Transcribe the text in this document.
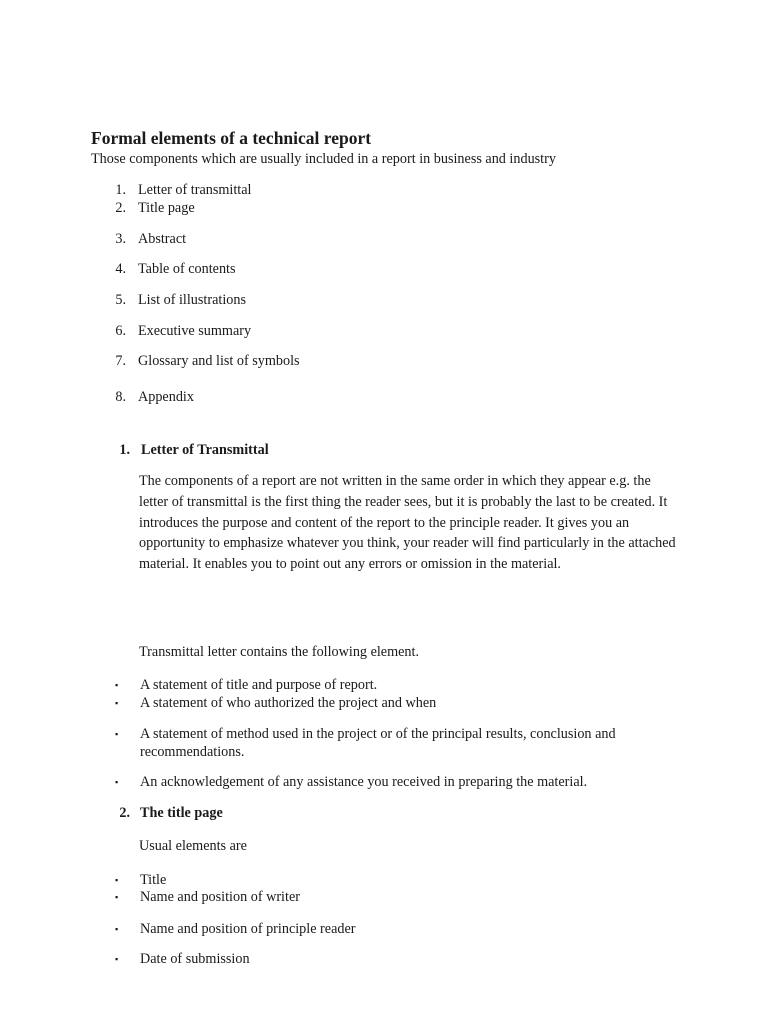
Formal elements of a technical report
Those components which are usually included in a report in business and industry
1. Letter of transmittal
2. Title page
3. Abstract
4. Table of contents
5. List of illustrations
6. Executive summary
7. Glossary and list of symbols
8. Appendix
1. Letter of Transmittal
The components of a report are not written in the same order in which they appear e.g. the letter of transmittal is the first thing the reader sees, but it is probably the last to be created. It introduces the purpose and content of the report to the principle reader. It gives you an opportunity to emphasize whatever you think, your reader will find particularly in the attached material. It enables you to point out any errors or omission in the material.
Transmittal letter contains the following element.
▪ A statement of title and purpose of report.
▪ A statement of who authorized the project and when
▪ A statement of method used in the project or of the principal results, conclusion and
recommendations.
▪ An acknowledgement of any assistance you received in preparing the material.
2. The title page
Usual elements are
▪ Title
▪ Name and position of writer
▪ Name and position of principle reader
▪ Date of submission
